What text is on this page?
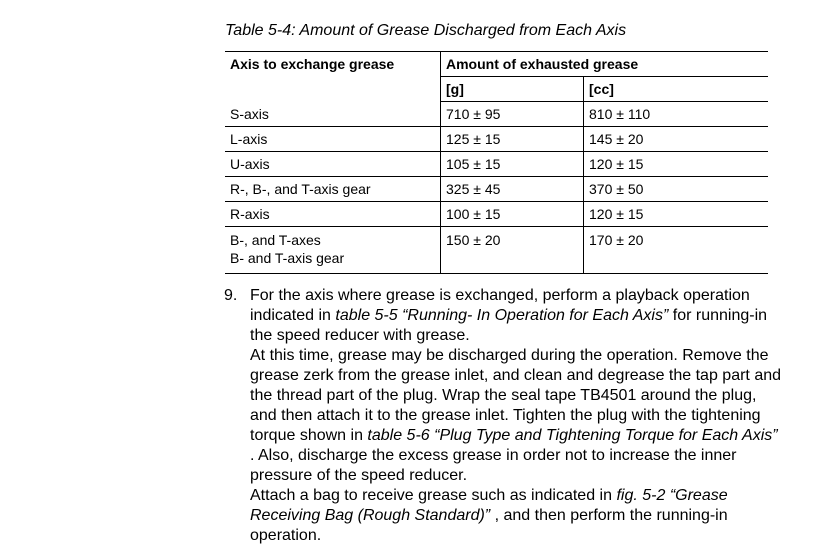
Table 5-4: Amount of Grease Discharged from Each Axis
Axis to exchange grease	Amount of exhausted grease	
	[g]	[cc]
S-axis	710 ± 95	810 ± 110
L-axis	125 ± 15	145 ± 20
U-axis	105 ± 15	120 ± 15
R-, B-, and T-axis gear	325 ± 45	370 ± 50
R-axis	100 ± 15	120 ± 15

B-, and T-axes
B- and T-axis gear	150 ± 20	170 ± 20
9. For the axis where grease is exchanged, perform a playback operation indicated in table 5-5 “Running- In Operation for Each Axis” for running-in the speed reducer with grease.

At this time, grease may be discharged during the operation. Remove the grease zerk from the grease inlet, and clean and degrease the tap part and the thread part of the plug. Wrap the seal tape TB4501 around the plug, and then attach it to the grease inlet. Tighten the plug with the tightening torque shown in table 5-6 “Plug Type and Tightening Torque for Each Axis” . Also, discharge the excess grease in order not to increase the inner pressure of the speed reducer.

Attach a bag to receive grease such as indicated in fig. 5-2 “Grease Receiving Bag (Rough Standard)” , and then perform the running-in operation.
